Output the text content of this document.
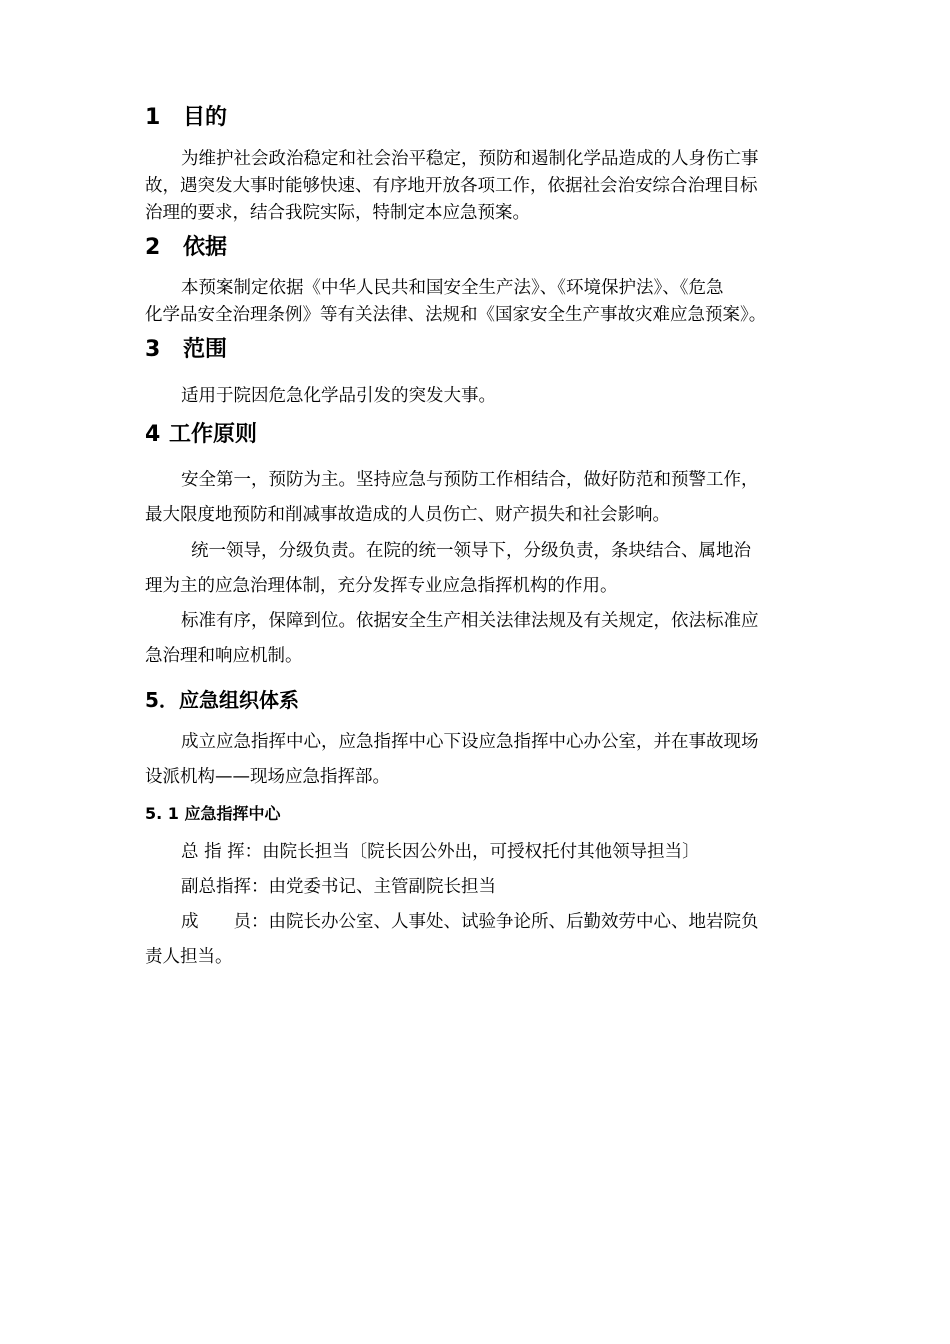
1 目的
为维护社会政治稳定和社会治平稳定，预防和遏制化学品造成的人身伤亡事
故，遇突发大事时能够快速、有序地开放各项工作，依据社会治安综合治理目标
治理的要求，结合我院实际，特制定本应急预案。
2 依据
本预案制定依据《中华人民共和国安全生产法》、《环境保护法》、《危急
化学品安全治理条例》等有关法律、法规和《国家安全生产事故灾难应急预案》。
3 范围
适用于院因危急化学品引发的突发大事。
4 工作原则
安全第一，预防为主。坚持应急与预防工作相结合，做好防范和预警工作，
最大限度地预防和削减事故造成的人员伤亡、财产损失和社会影响。
统一领导，分级负责。在院的统一领导下，分级负责，条块结合、属地治
理为主的应急治理体制，充分发挥专业应急指挥机构的作用。
标准有序，保障到位。依据安全生产相关法律法规及有关规定，依法标准应
急治理和响应机制。
5．应急组织体系
成立应急指挥中心，应急指挥中心下设应急指挥中心办公室，并在事故现场
设派机构——现场应急指挥部。
5. 1 应急指挥中心
总 指 挥：由院长担当〔院长因公外出，可授权托付其他领导担当〕
副总指挥：由党委书记、主管副院长担当
成　　员：由院长办公室、人事处、试验争论所、后勤效劳中心、地岩院负
责人担当。
